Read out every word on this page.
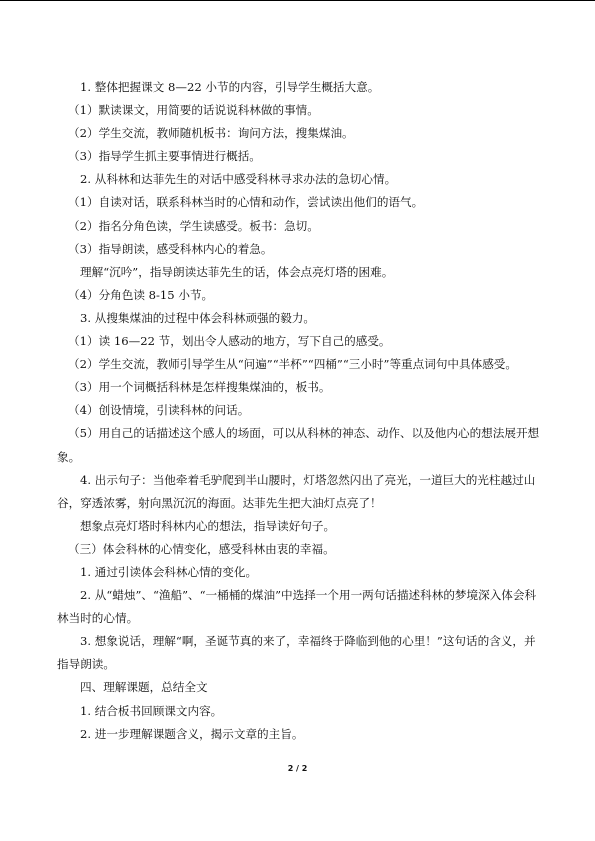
1. 整体把握课文 8—22 小节的内容，引导学生概括大意。
（1）默读课文，用简要的话说说科林做的事情。
（2）学生交流，教师随机板书：询问方法，搜集煤油。
（3）指导学生抓主要事情进行概括。
2. 从科林和达菲先生的对话中感受科林寻求办法的急切心情。
（1）自读对话，联系科林当时的心情和动作，尝试读出他们的语气。
（2）指名分角色读，学生读感受。板书：急切。
（3）指导朗读，感受科林内心的着急。
理解“沉吟”，指导朗读达菲先生的话，体会点亮灯塔的困难。
（4）分角色读 8-15 小节。
3. 从搜集煤油的过程中体会科林顽强的毅力。
（1）读 16—22 节，划出令人感动的地方，写下自己的感受。
（2）学生交流，教师引导学生从“问遍”“半杯”“四桶”“三小时”等重点词句中具体感受。
（3）用一个词概括科林是怎样搜集煤油的，板书。
（4）创设情境，引读科林的问话。
（5）用自己的话描述这个感人的场面，可以从科林的神态、动作、以及他内心的想法展开想象。
4. 出示句子：当他牵着毛驴爬到半山腰时，灯塔忽然闪出了亮光，一道巨大的光柱越过山谷，穿透浓雾，射向黑沉沉的海面。达菲先生把大油灯点亮了！
想象点亮灯塔时科林内心的想法，指导读好句子。
（三）体会科林的心情变化，感受科林由衷的幸福。
1. 通过引读体会科林心情的变化。
2. 从“蜡烛”、“渔船”、“一桶桶的煤油”中选择一个用一两句话描述科林的梦境深入体会科林当时的心情。
3. 想象说话，理解“啊，圣诞节真的来了，幸福终于降临到他的心里！”这句话的含义，并指导朗读。
四、理解课题，总结全文
1. 结合板书回顾课文内容。
2. 进一步理解课题含义，揭示文章的主旨。
2 / 2
